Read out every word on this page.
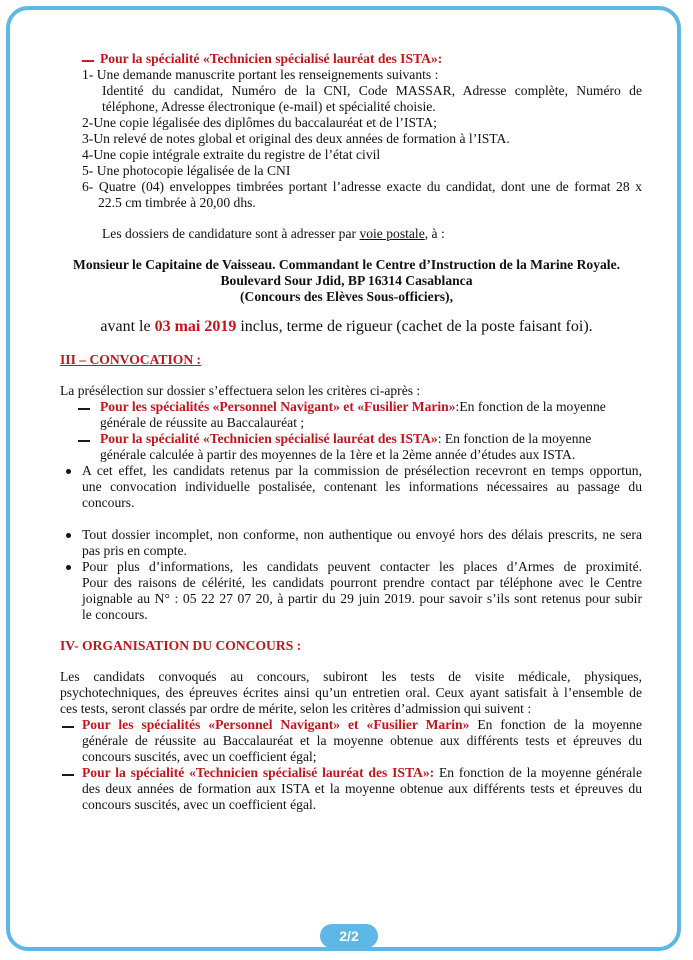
Pour la spécialité «Technicien spécialisé lauréat des ISTA»:
1- Une demande manuscrite portant les renseignements suivants :
Identité du candidat, Numéro de la CNI, Code MASSAR, Adresse complète, Numéro de
téléphone, Adresse électronique (e-mail) et spécialité choisie.
2-Une copie légalisée des diplômes du baccalauréat et de l’ISTA;
3-Un relevé de notes global et original des deux années de formation à l’ISTA.
4-Une copie intégrale extraite du registre de l’état civil
5- Une photocopie légalisée de la CNI
6- Quatre (04) enveloppes timbrées portant l’adresse exacte du candidat, dont une de format 28 x
22.5 cm timbrée à 20,00 dhs.
Les dossiers de candidature sont à adresser par voie postale, à :
Monsieur le Capitaine de Vaisseau. Commandant le Centre d’Instruction de la Marine Royale.
Boulevard Sour Jdid, BP 16314 Casablanca
(Concours des Elèves Sous-officiers),
avant le 03 mai 2019 inclus, terme de rigueur (cachet de la poste faisant foi).
III – CONVOCATION :
La présélection sur dossier s’effectuera selon les critères ci-après :
Pour les spécialités «Personnel Navigant» et «Fusilier Marin»:En fonction de la moyenne
générale de réussite au Baccalauréat ;
Pour la spécialité «Technicien spécialisé lauréat des ISTA»: En fonction de la moyenne
générale calculée à partir des moyennes de la 1ère et la 2ème année d’études aux ISTA.
A cet effet, les candidats retenus par la commission de présélection recevront en temps opportun,
une convocation individuelle postalisée, contenant les informations nécessaires au passage du
concours.
Tout dossier incomplet, non conforme, non authentique ou envoyé hors des délais prescrits, ne sera
pas pris en compte.
Pour plus d’informations, les candidats peuvent contacter les places d’Armes de proximité.
Pour des raisons de célérité, les candidats pourront prendre contact par téléphone avec le Centre
joignable au N° : 05 22 27 07 20, à partir du 29 juin 2019. pour savoir s’ils sont retenus pour subir
le concours.
IV- ORGANISATION DU CONCOURS :
Les candidats convoqués au concours, subiront les tests de visite médicale, physiques,
psychotechniques, des épreuves écrites ainsi qu’un entretien oral. Ceux ayant satisfait à l’ensemble de
ces tests, seront classés par ordre de mérite, selon les critères d’admission qui suivent :
Pour les spécialités «Personnel Navigant» et «Fusilier Marin» En fonction de la moyenne
générale de réussite au Baccalauréat et la moyenne obtenue aux différents tests et épreuves du
concours suscités, avec un coefficient égal;
Pour la spécialité «Technicien spécialisé lauréat des ISTA»: En fonction de la moyenne générale
des deux années de formation aux ISTA et la moyenne obtenue aux différents tests et épreuves du
concours suscités, avec un coefficient égal.
2/2
